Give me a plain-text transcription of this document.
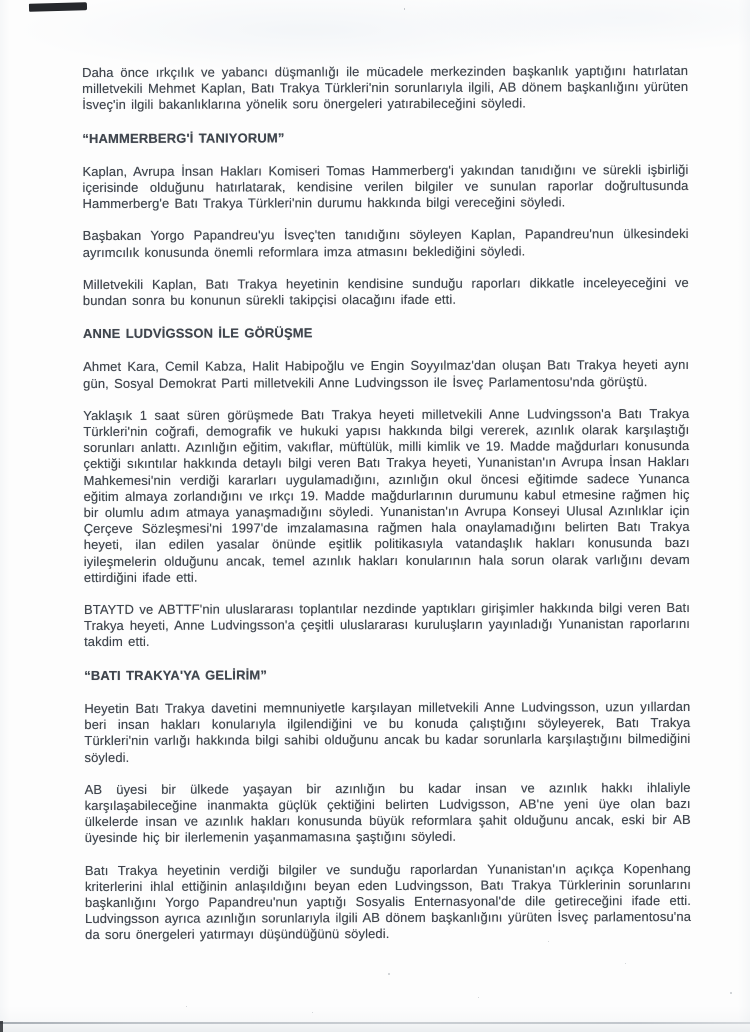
Daha önce ırkçılık ve yabancı düşmanlığı ile mücadele merkezinden başkanlık yaptığını hatırlatan milletvekili Mehmet Kaplan, Batı Trakya Türkleri'nin sorunlarıyla ilgili, AB dönem başkanlığını yürüten İsveç'in ilgili bakanlıklarına yönelik soru önergeleri yatırabileceğini söyledi.

“HAMMERBERG'İ TANIYORUM”

Kaplan, Avrupa İnsan Hakları Komiseri Tomas Hammerberg'i yakından tanıdığını ve sürekli işbirliği içerisinde olduğunu hatırlatarak, kendisine verilen bilgiler ve sunulan raporlar doğrultusunda Hammerberg'e Batı Trakya Türkleri'nin durumu hakkında bilgi vereceğini söyledi.

Başbakan Yorgo Papandreu'yu İsveç'ten tanıdığını söyleyen Kaplan, Papandreu'nun ülkesindeki ayrımcılık konusunda önemli reformlara imza atmasını beklediğini söyledi.

Milletvekili Kaplan, Batı Trakya heyetinin kendisine sunduğu raporları dikkatle inceleyeceğini ve bundan sonra bu konunun sürekli takipçisi olacağını ifade etti.

ANNE LUDVİGSSON İLE GÖRÜŞME

Ahmet Kara, Cemil Kabza, Halit Habipoğlu ve Engin Soyyılmaz'dan oluşan Batı Trakya heyeti aynı gün, Sosyal Demokrat Parti milletvekili Anne Ludvingsson ile İsveç Parlamentosu'nda görüştü.

Yaklaşık 1 saat süren görüşmede Batı Trakya heyeti milletvekili Anne Ludvingsson'a Batı Trakya Türkleri'nin coğrafi, demografik ve hukuki yapısı hakkında bilgi vererek, azınlık olarak karşılaştığı sorunları anlattı. Azınlığın eğitim, vakıflar, müftülük, milli kimlik ve 19. Madde mağdurları konusunda çektiği sıkıntılar hakkında detaylı bilgi veren Batı Trakya heyeti, Yunanistan'ın Avrupa İnsan Hakları Mahkemesi'nin verdiği kararları uygulamadığını, azınlığın okul öncesi eğitimde sadece Yunanca eğitim almaya zorlandığını ve ırkçı 19. Madde mağdurlarının durumunu kabul etmesine rağmen hiç bir olumlu adım atmaya yanaşmadığını söyledi. Yunanistan'ın Avrupa Konseyi Ulusal Azınlıklar için Çerçeve Sözleşmesi'ni 1997'de imzalamasına rağmen hala onaylamadığını belirten Batı Trakya heyeti, ilan edilen yasalar önünde eşitlik politikasıyla vatandaşlık hakları konusunda bazı iyileşmelerin olduğunu ancak, temel azınlık hakları konularının hala sorun olarak varlığını devam ettirdiğini ifade etti.

BTAYTD ve ABTTF'nin uluslararası toplantılar nezdinde yaptıkları girişimler hakkında bilgi veren Batı Trakya heyeti, Anne Ludvingsson'a çeşitli uluslararası kuruluşların yayınladığı Yunanistan raporlarını takdim etti.

“BATI TRAKYA'YA GELİRİM”

Heyetin Batı Trakya davetini memnuniyetle karşılayan milletvekili Anne Ludvingsson, uzun yıllardan beri insan hakları konularıyla ilgilendiğini ve bu konuda çalıştığını söyleyerek, Batı Trakya Türkleri'nin varlığı hakkında bilgi sahibi olduğunu ancak bu kadar sorunlarla karşılaştığını bilmediğini söyledi.

AB üyesi bir ülkede yaşayan bir azınlığın bu kadar insan ve azınlık hakkı ihlaliyle karşılaşabileceğine inanmakta güçlük çektiğini belirten Ludvigsson, AB'ne yeni üye olan bazı ülkelerde insan ve azınlık hakları konusunda büyük reformlara şahit olduğunu ancak, eski bir AB üyesinde hiç bir ilerlemenin yaşanmamasına şaştığını söyledi.

Batı Trakya heyetinin verdiği bilgiler ve sunduğu raporlardan Yunanistan'ın açıkça Kopenhang kriterlerini ihlal ettiğinin anlaşıldığını beyan eden Ludvingsson, Batı Trakya Türklerinin sorunlarını başkanlığını Yorgo Papandreu'nun yaptığı Sosyalis Enternasyonal'de dile getireceğini ifade etti. Ludvingsson ayrıca azınlığın sorunlarıyla ilgili AB dönem başkanlığını yürüten İsveç parlamentosu'na da soru önergeleri yatırmayı düşündüğünü söyledi.
